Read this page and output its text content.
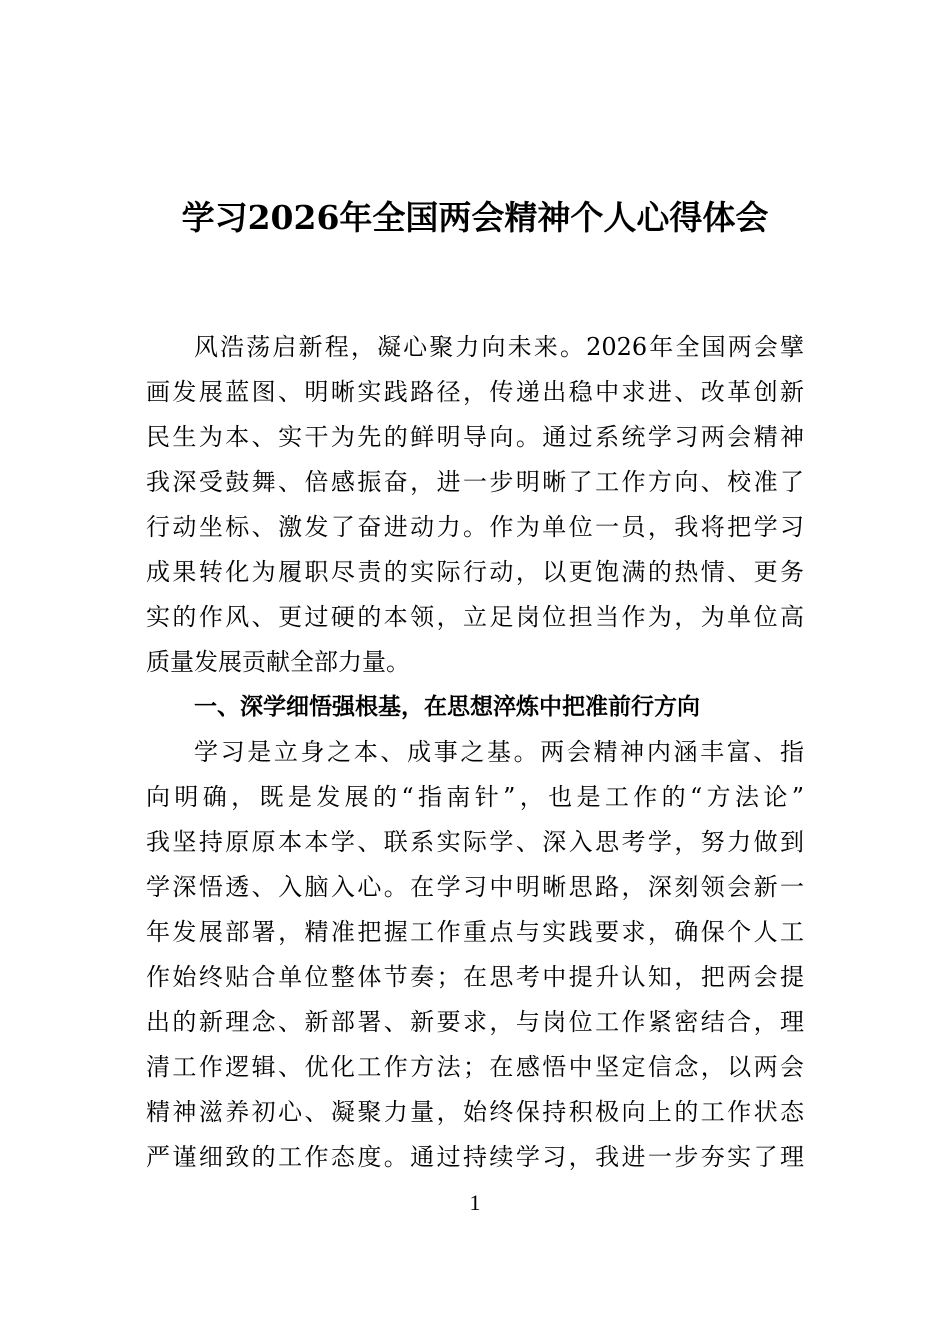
学习2026年全国两会精神个人心得体会
风浩荡启新程，凝心聚力向未来。2026年全国两会擘
画发展蓝图、明晰实践路径，传递出稳中求进、改革创新
民生为本、实干为先的鲜明导向。通过系统学习两会精神
我深受鼓舞、倍感振奋，进一步明晰了工作方向、校准了
行动坐标、激发了奋进动力。作为单位一员，我将把学习
成果转化为履职尽责的实际行动，以更饱满的热情、更务
实的作风、更过硬的本领，立足岗位担当作为，为单位高
质量发展贡献全部力量。
一、深学细悟强根基，在思想淬炼中把准前行方向
学习是立身之本、成事之基。两会精神内涵丰富、指
向明确，既是发展的“指南针”，也是工作的“方法论”
我坚持原原本本学、联系实际学、深入思考学，努力做到
学深悟透、入脑入心。在学习中明晰思路，深刻领会新一
年发展部署，精准把握工作重点与实践要求，确保个人工
作始终贴合单位整体节奏；在思考中提升认知，把两会提
出的新理念、新部署、新要求，与岗位工作紧密结合，理
清工作逻辑、优化工作方法；在感悟中坚定信念，以两会
精神滋养初心、凝聚力量，始终保持积极向上的工作状态
严谨细致的工作态度。通过持续学习，我进一步夯实了理
1
